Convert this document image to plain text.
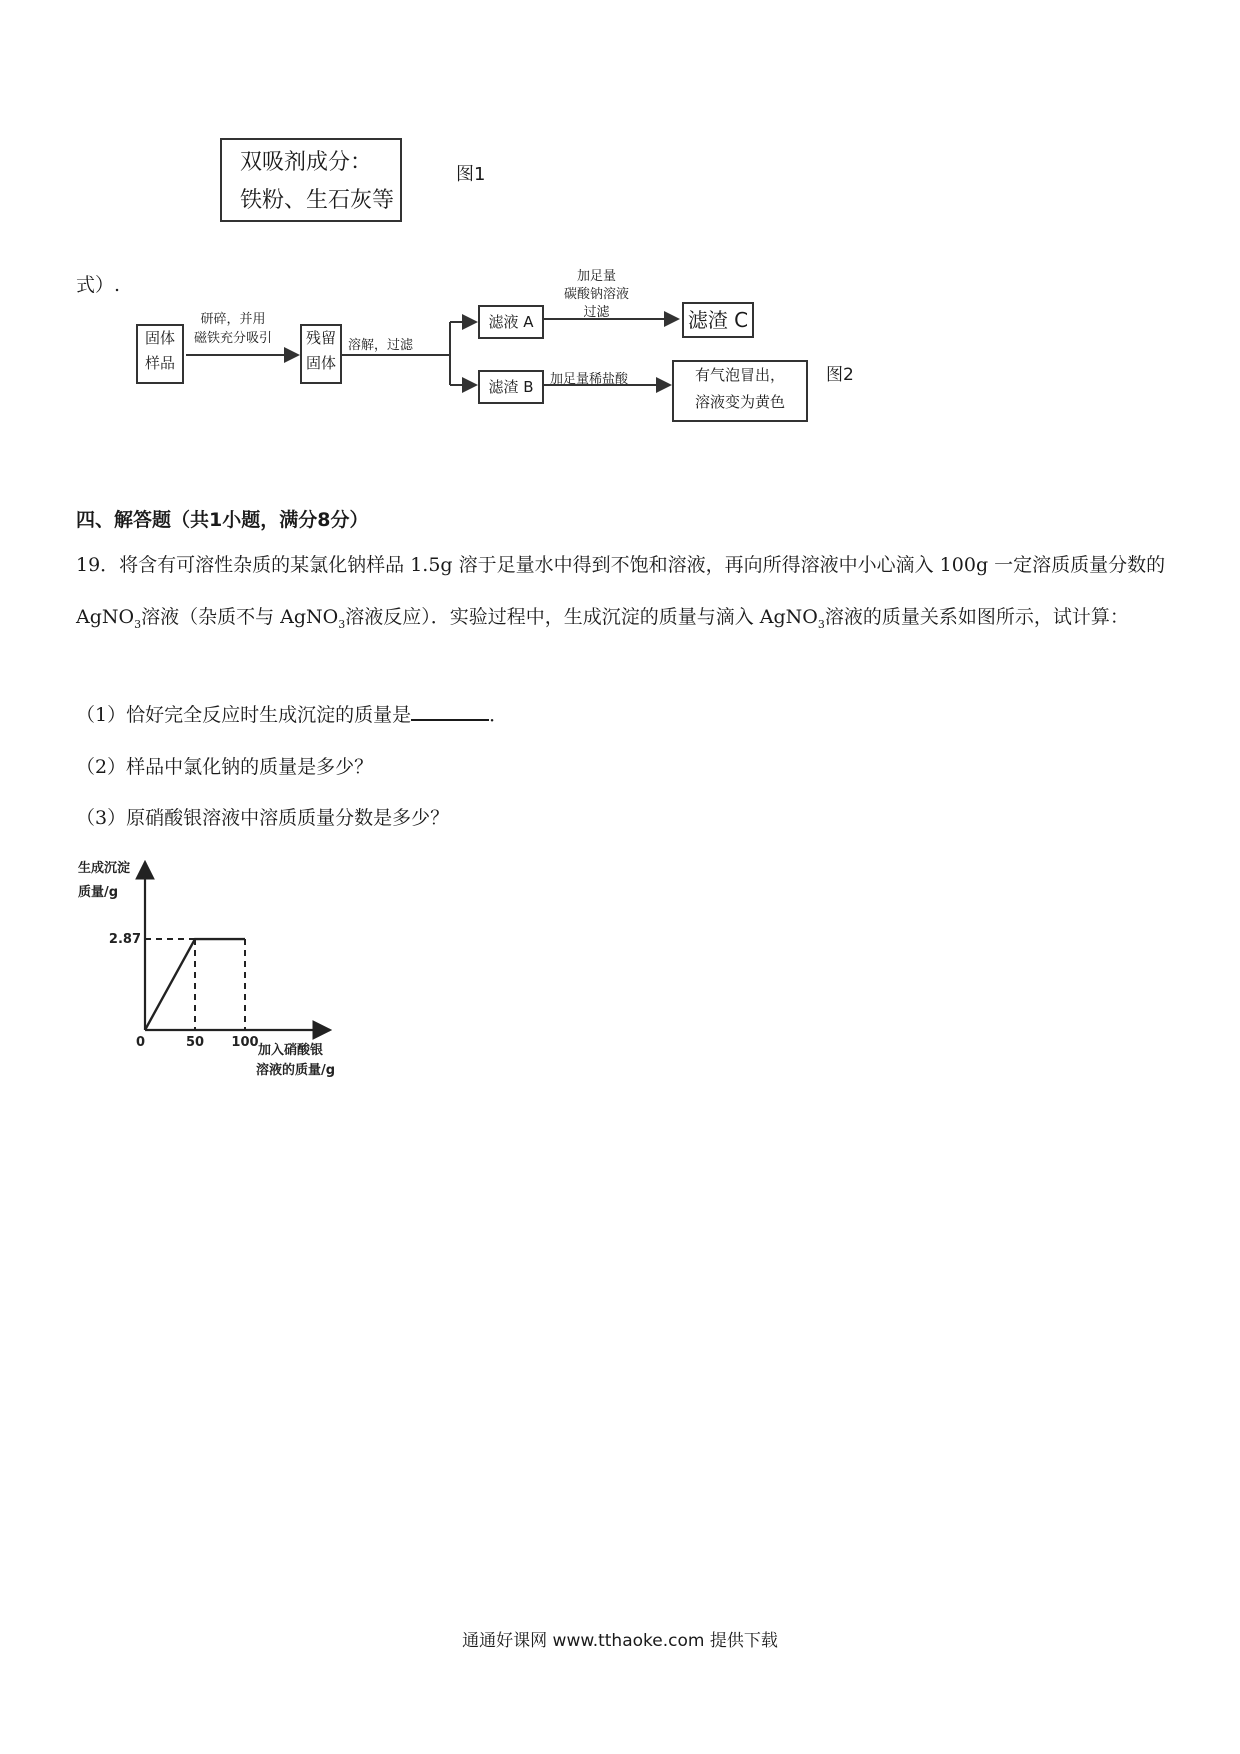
双吸剂成分：
铁粉、生石灰等
图1
式）.
固体
样品
残留
固体
滤液 A	滤渣 C
滤渣 B
有气泡冒出，
溶液变为黄色
研碎，并用
磁铁充分吸引	溶解，过滤
加足量
碳酸钠溶液
过滤
加足量稀盐酸	图2
四、解答题（共1小题，满分8分）
19．将含有可溶性杂质的某氯化钠样品 1.5g 溶于足量水中得到不饱和溶液，再向所得溶液中小心滴入 100g 一定溶质质量分数的 AgNO$_3$溶液（杂质不与 AgNO$_3$溶液反应）．实验过程中，生成沉淀的质量与滴入 AgNO$_3$溶液的质量关系如图所示，试计算：
（1）恰好完全反应时生成沉淀的质量是	．
（2）样品中氯化钠的质量是多少？
（3）原硝酸银溶液中溶质质量分数是多少？
50 100
2.87
生成沉淀
质量/g
加入硝酸银
溶液的质量/g
0
通通好课网 www.tthaoke.com 提供下载
